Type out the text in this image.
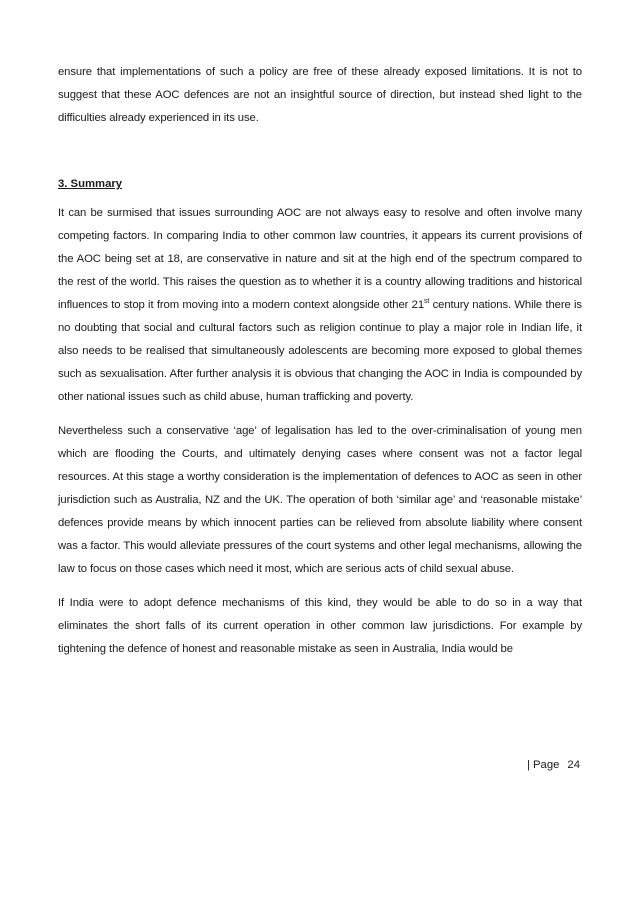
ensure that implementations of such a policy are free of these already exposed limitations. It is not to suggest that these AOC defences are not an insightful source of direction, but instead shed light to the difficulties already experienced in its use.

3. Summary

It can be surmised that issues surrounding AOC are not always easy to resolve and often involve many competing factors. In comparing India to other common law countries, it appears its current provisions of the AOC being set at 18, are conservative in nature and sit at the high end of the spectrum compared to the rest of the world. This raises the question as to whether it is a country allowing traditions and historical influences to stop it from moving into a modern context alongside other 21st century nations. While there is no doubting that social and cultural factors such as religion continue to play a major role in Indian life, it also needs to be realised that simultaneously adolescents are becoming more exposed to global themes such as sexualisation. After further analysis it is obvious that changing the AOC in India is compounded by other national issues such as child abuse, human trafficking and poverty.

Nevertheless such a conservative ‘age’ of legalisation has led to the over-criminalisation of young men which are flooding the Courts, and ultimately denying cases where consent was not a factor legal resources. At this stage a worthy consideration is the implementation of defences to AOC as seen in other jurisdiction such as Australia, NZ and the UK. The operation of both ‘similar age’ and ‘reasonable mistake’ defences provide means by which innocent parties can be relieved from absolute liability where consent was a factor. This would alleviate pressures of the court systems and other legal mechanisms, allowing the law to focus on those cases which need it most, which are serious acts of child sexual abuse.

If India were to adopt defence mechanisms of this kind, they would be able to do so in a way that eliminates the short falls of its current operation in other common law jurisdictions. For example by tightening the defence of honest and reasonable mistake as seen in Australia, India would be

| Page 24
